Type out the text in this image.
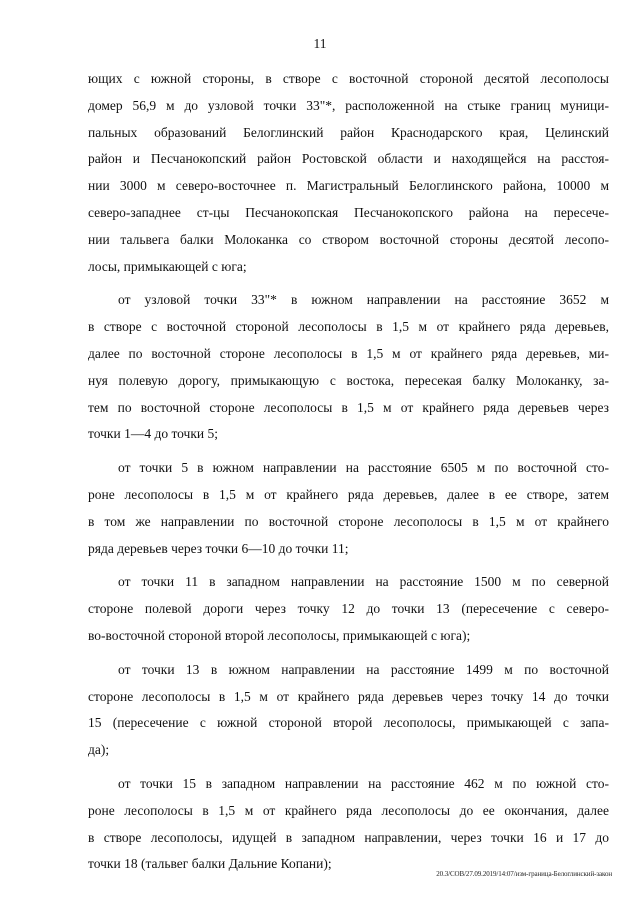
11

ющих с южной стороны, в створе с восточной стороной десятой лесополосы
домер 56,9 м до узловой точки 33"*, расположенной на стыке границ муници-
пальных образований Белоглинский район Краснодарского края, Целинский
район и Песчанокопский район Ростовской области и находящейся на расстоя-
нии 3000 м северо-восточнее п. Магистральный Белоглинского района, 10000 м
северо-западнее ст-цы Песчанокопская Песчанокопского района на пересече-
нии тальвега балки Молоканка со створом восточной стороны десятой лесопо-
лосы, примыкающей с юга;

от узловой точки 33"* в южном направлении на расстояние 3652 м
в створе с восточной стороной лесополосы в 1,5 м от крайнего ряда деревьев,
далее по восточной стороне лесополосы в 1,5 м от крайнего ряда деревьев, ми-
нуя полевую дорогу, примыкающую с востока, пересекая балку Молоканку, за-
тем по восточной стороне лесополосы в 1,5 м от крайнего ряда деревьев через
точки 1—4 до точки 5;

от точки 5 в южном направлении на расстояние 6505 м по восточной сто-
роне лесополосы в 1,5 м от крайнего ряда деревьев, далее в ее створе, затем
в том же направлении по восточной стороне лесополосы в 1,5 м от крайнего
ряда деревьев через точки 6—10 до точки 11;

от точки 11 в западном направлении на расстояние 1500 м по северной
стороне полевой дороги через точку 12 до точки 13 (пересечение с северо-
во-восточной стороной второй лесополосы, примыкающей с юга);

от точки 13 в южном направлении на расстояние 1499 м по восточной
стороне лесополосы в 1,5 м от крайнего ряда деревьев через точку 14 до точки
15 (пересечение с южной стороной второй лесополосы, примыкающей с запа-
да);

от точки 15 в западном направлении на расстояние 462 м по южной сто-
роне лесополосы в 1,5 м от крайнего ряда лесополосы до ее окончания, далее
в створе лесополосы, идущей в западном направлении, через точки 16 и 17 до
точки 18 (тальвег балки Дальние Копани);

20.3/СОВ/27.09.2019/14:07/изм-граница-Белоглинский-закон
